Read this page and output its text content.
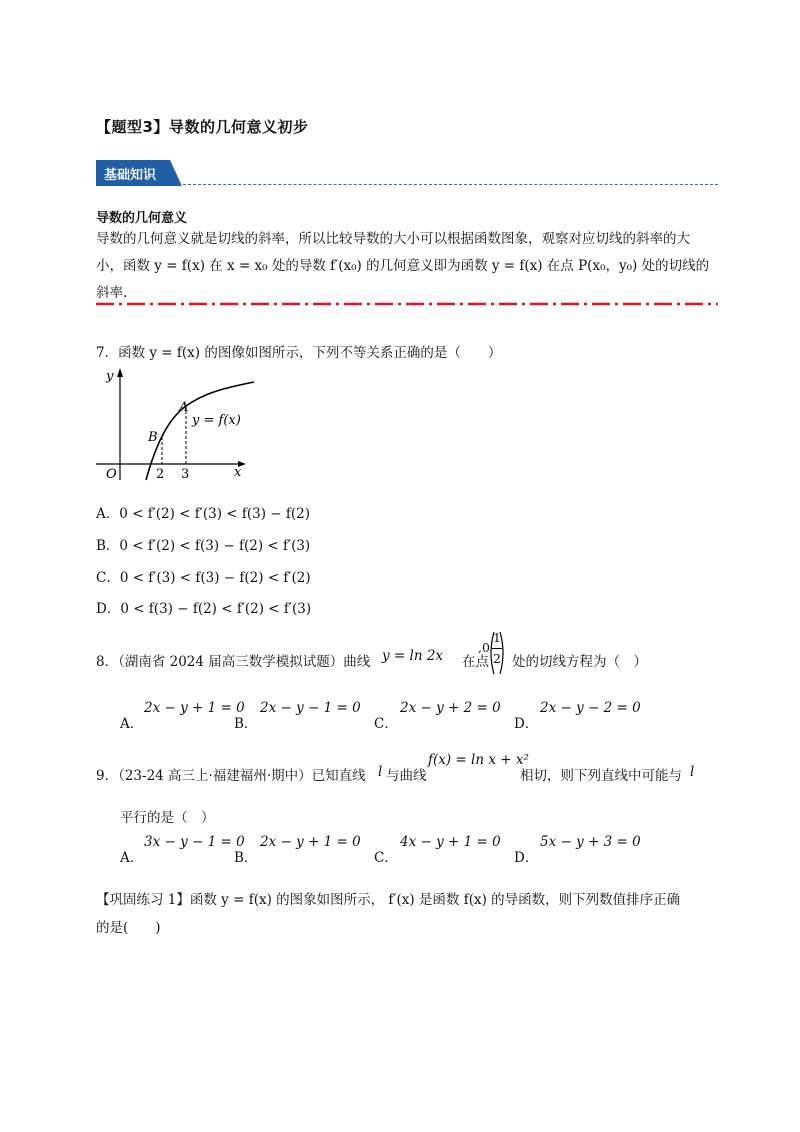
【题型3】导数的几何意义初步
基础知识
导数的几何意义
导数的几何意义就是切线的斜率，所以比较导数的大小可以根据函数图象，观察对应切线的斜率的大小，函数 y = f(x) 在 x = x₀ 处的导数 f′(x₀) 的几何意义即为函数 y = f(x) 在点 P(x₀，y₀) 处的切线的斜率.
7．函数 y = f(x) 的图像如图所示，下列不等关系正确的是（　　）
y
x
O	2 3
A
B
y = f(x)
A．0 < f′(2) < f′(3) < f(3) − f(2)
B．0 < f′(2) < f(3) − f(2) < f′(3)
C．0 < f′(3) < f(3) − f(2) < f′(2)
D．0 < f(3) − f(2) < f′(2) < f′(3)
8．（湖南省 2024 届高三数学模拟试题）曲线 y = ln 2x 在点
1
2
,0
处的切线方程为（　）
A．
2x − y + 1 = 0
B．
2x − y − 1 = 0
C．
2x − y + 2 = 0
D．
2x − y − 2 = 0
9．（23-24 高三上·福建福州·期中）已知直线 l 与曲线
f(x) = ln x + x²
相切，则下列直线中可能与 l
平行的是（　）
A．
3x − y − 1 = 0
B．
2x − y + 1 = 0
C．
4x − y + 1 = 0
D．
5x − y + 3 = 0
【巩固练习 1】函数 y = f(x) 的图象如图所示， f′(x) 是函数 f(x) 的导函数，则下列数值排序正确
的是(　　)
